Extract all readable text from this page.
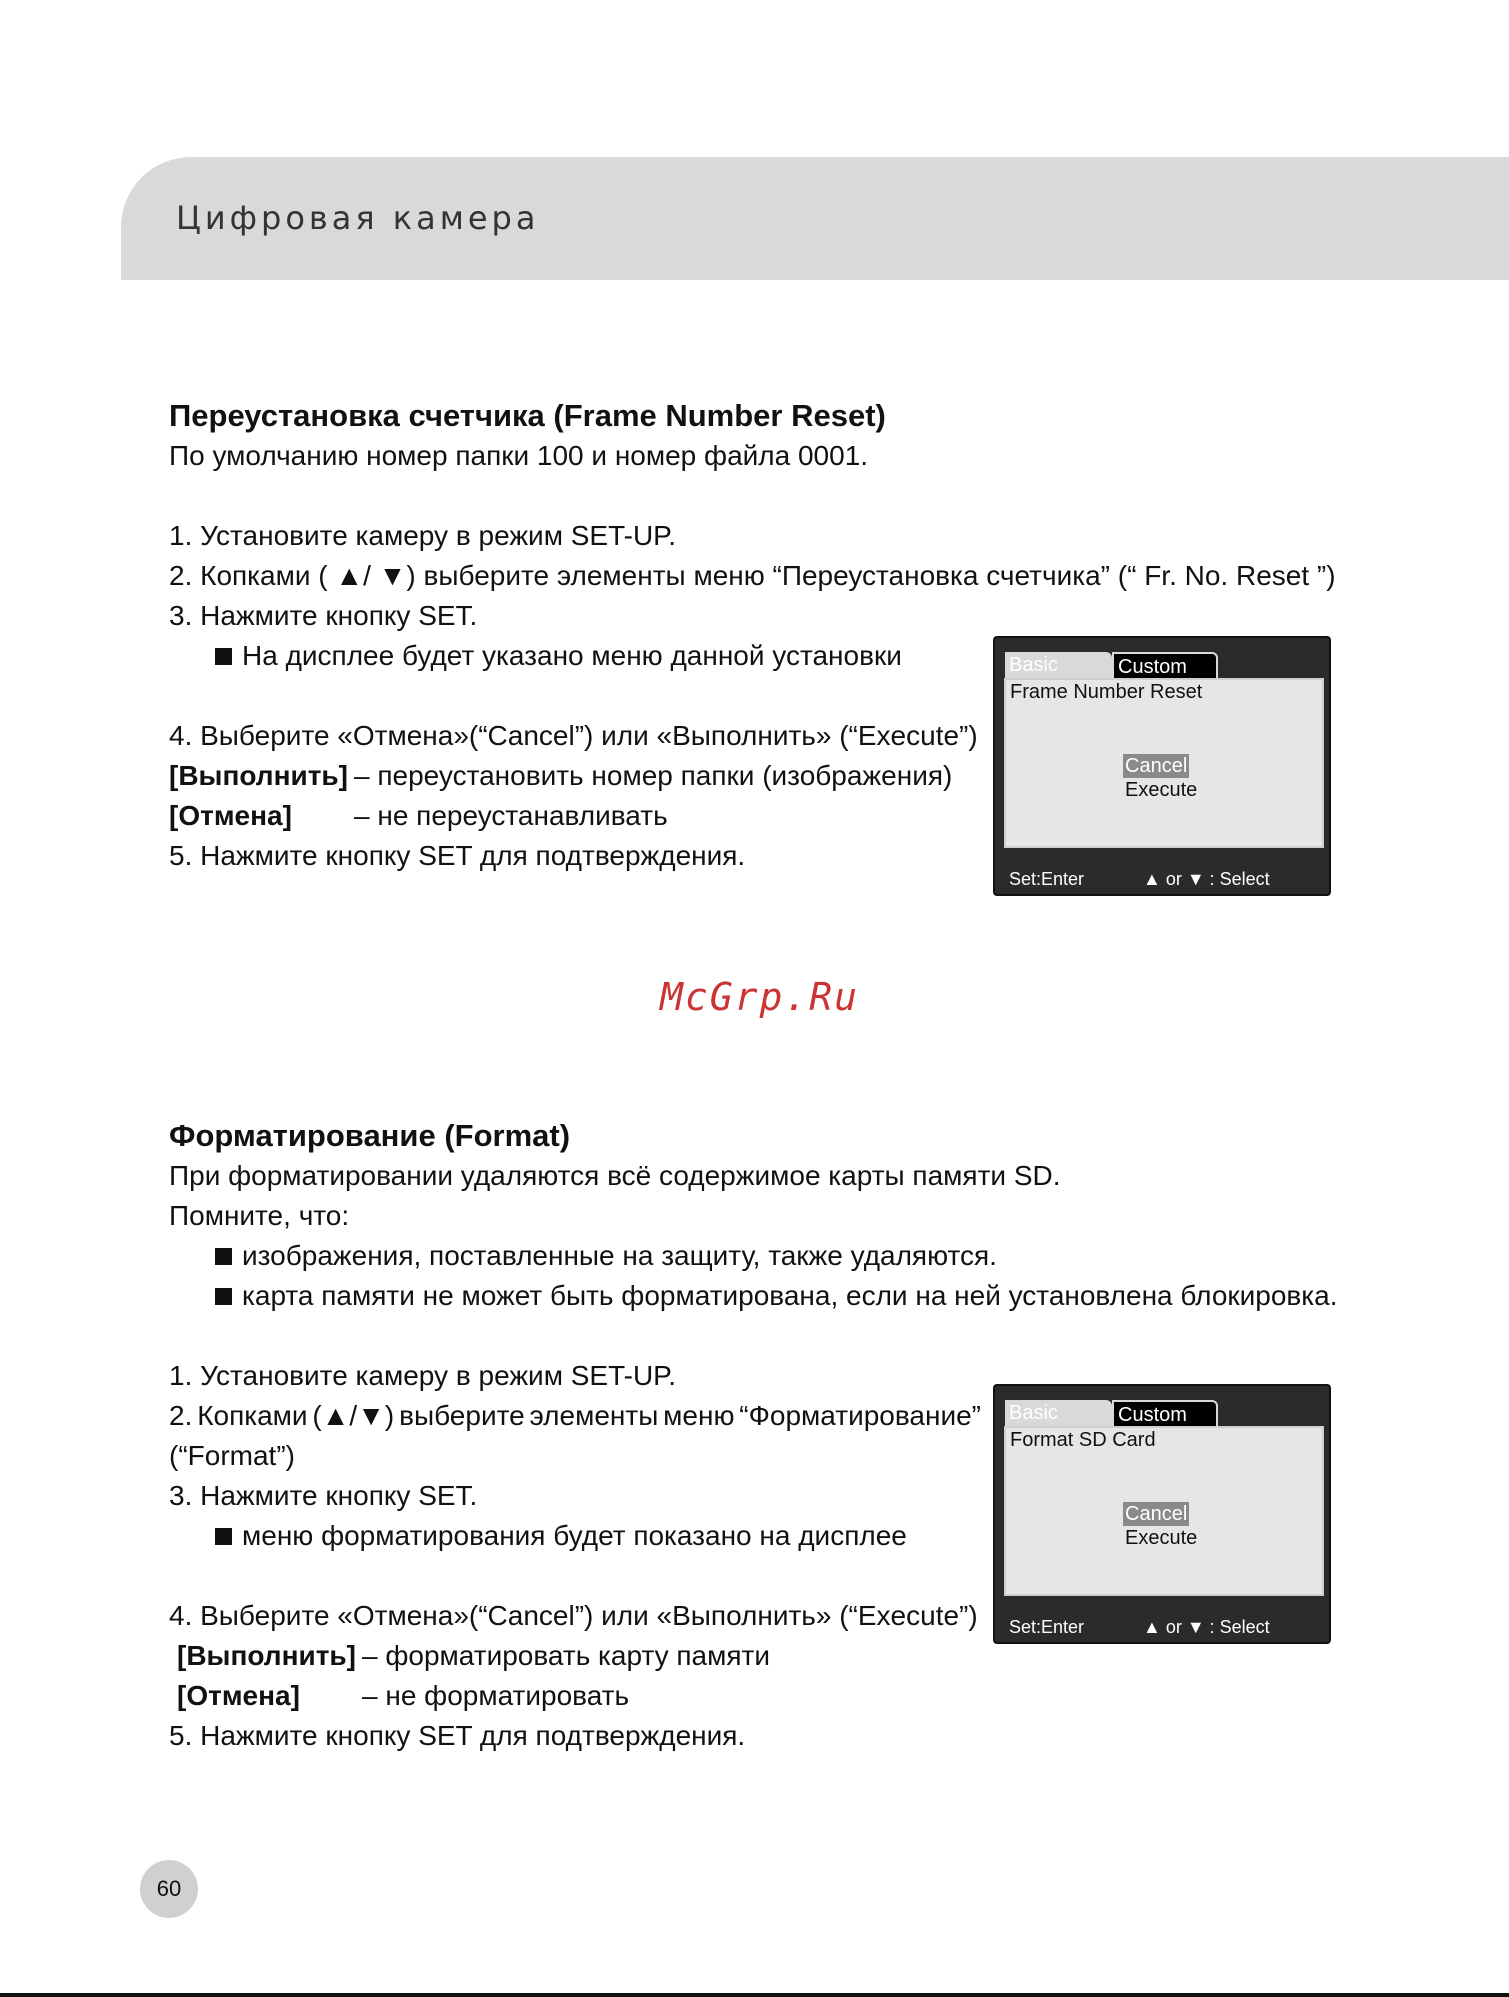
Цифровая камера
Переустановка счетчика (Frame Number Reset)
По умолчанию номер папки 100 и номер файла 0001.
1. Установите камеру в режим SET-UP.
2. Копками ( ▲/ ▼) выберите элементы меню “Переустановка счетчика” (“ Fr. No. Reset ”)
3. Нажмите кнопку SET.
На дисплее будет указано меню данной установки
4. Выберите «Отмена»(“Cancel”) или «Выполнить» (“Execute”)
[Выполнить] – переустановить номер папки (изображения)
[Отмена] – не переустанавливать
5. Нажмите кнопку SET для подтверждения.
Basic	Custom
Frame Number Reset
Cancel
Execute
Set:Enter	▲ or ▼ : Select
McGrp.Ru
Форматирование (Format)
При форматировании удаляются всё содержимое карты памяти SD.
Помните, что:
изображения, поставленные на защиту, также удаляются.
карта памяти не может быть форматирована, если на ней установлена блокировка.
1. Установите камеру в режим SET-UP.
2. Копками (▲/▼) выберите элементы меню “Форматирование”
(“Format”)
3. Нажмите кнопку SET.
меню форматирования будет показано на дисплее
4. Выберите «Отмена»(“Cancel”) или «Выполнить» (“Execute”)
[Выполнить] – форматировать карту памяти
[Отмена] – не форматировать
5. Нажмите кнопку SET для подтверждения.
Basic	Custom
Format SD Card
Cancel
Execute
Set:Enter	▲ or ▼ : Select
60
